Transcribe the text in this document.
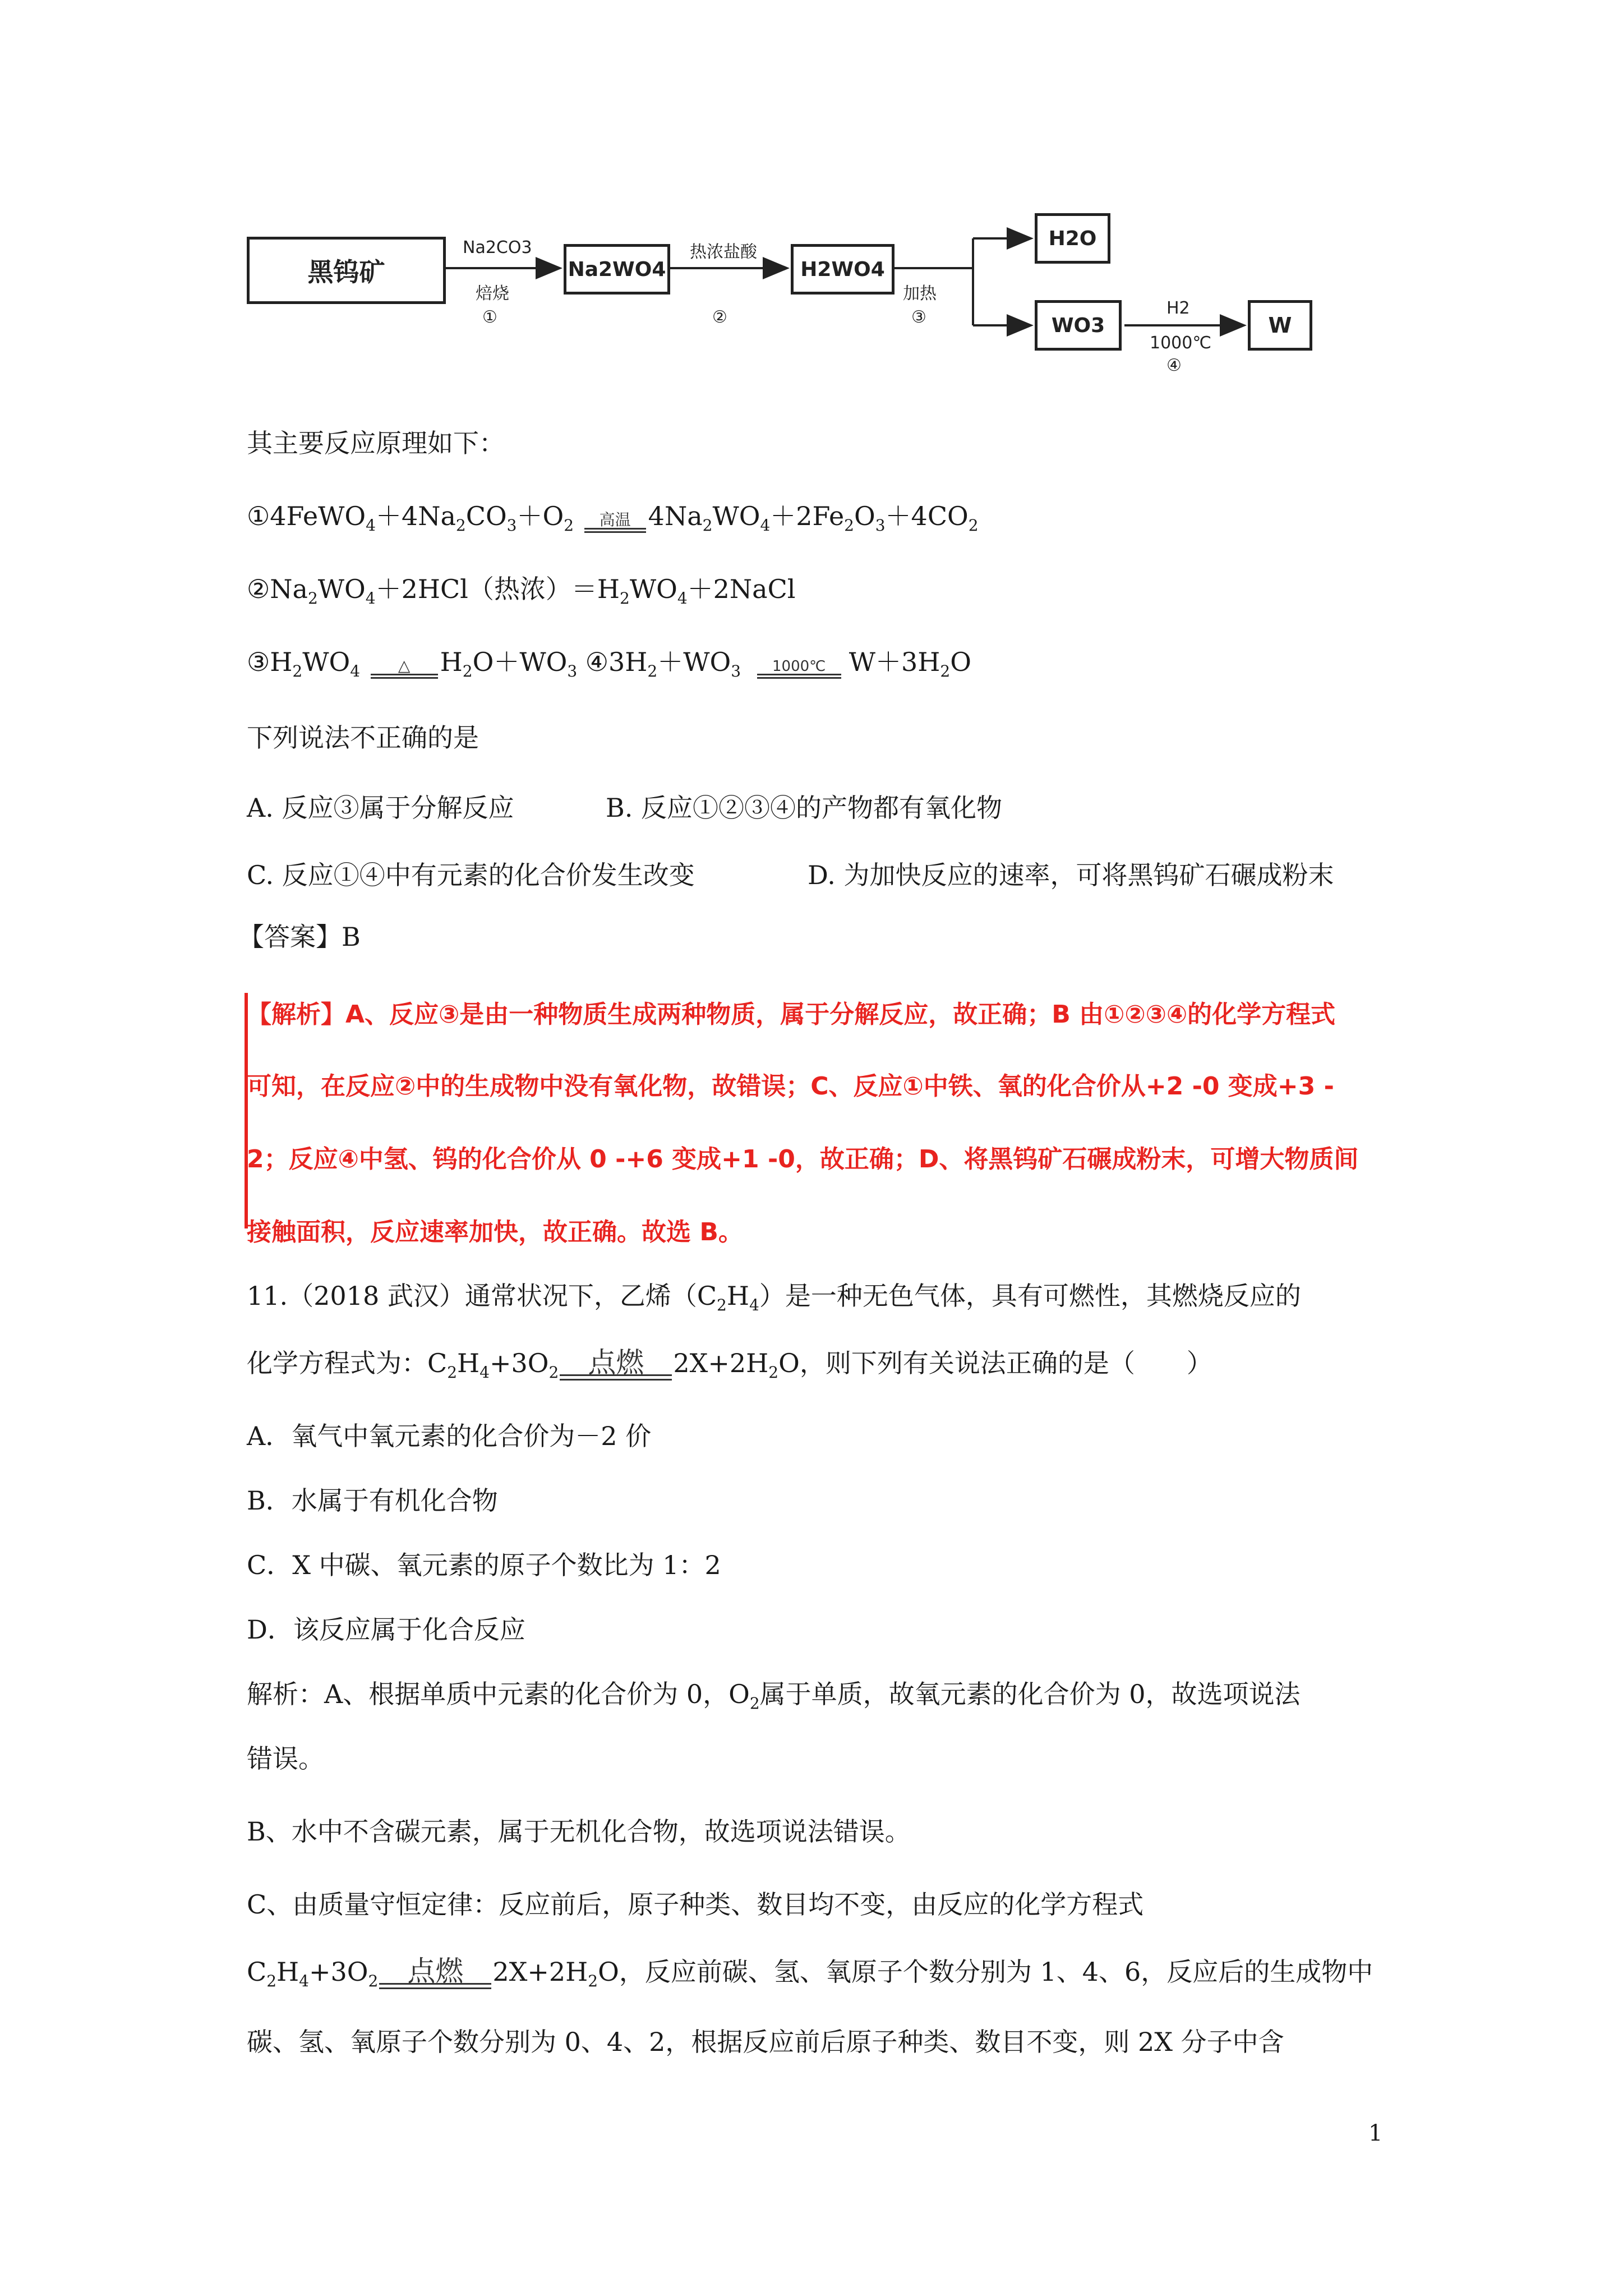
黑钨矿
Na2CO3
焙烧
①
Na2WO4
热浓盐酸
②
H2WO4
加热
③
H2O
WO3
H2
1000℃
④
W
其主要反应原理如下：
$①4FeWO_4+4Na_2CO_3+O_2$	高温 $4Na_2WO_4+2Fe_2O_3+4CO_2$
$②Na_2WO_4+2HCl$（热浓）$=H_2WO_4+2NaCl$
$③H_2WO_4$	△	$H_2O+WO_3$ $④3H_2+WO_3$	1000℃ $W+3H_2O$
下列说法不正确的是
A. 反应③属于分解反应	B. 反应①②③④的产物都有氧化物
C. 反应①④中有元素的化合价发生改变	D. 为加快反应的速率，可将黑钨矿石碾成粉末
【答案】B
【解析】A、反应③是由一种物质生成两种物质，属于分解反应，故正确；B 由①②③④的化学方程式
可知，在反应②中的生成物中没有氧化物，故错误；C、反应①中铁、氧的化合价从+2 -0 变成+3 -
2；反应④中氢、钨的化合价从 0 -+6 变成+1 -0，故正确；D、将黑钨矿石碾成粉末，可增大物质间
接触面积，反应速率加快，故正确。故选 B。
11.（2018 武汉）通常状况下，乙烯$(C_2H_4)$是一种无色气体，具有可燃性，其燃烧反应的
化学方程式为：$C_2H_4+3O_2$	点燃	$2X+2H_2O$，则下列有关说法正确的是（　　）
A．氧气中氧元素的化合价为－2 价
B．水属于有机化合物
C．X 中碳、氧元素的原子个数比为 1：2
D．该反应属于化合反应
解析：A、根据单质中元素的化合价为 0，$O_2$属于单质，故氧元素的化合价为 0，故选项说法
错误。
B、水中不含碳元素，属于无机化合物，故选项说法错误。
C、由质量守恒定律：反应前后，原子种类、数目均不变，由反应的化学方程式
$C_2H_4+3O_2$	点燃	$2X+2H_2O$，反应前碳、氢、氧原子个数分别为 1、4、6，反应后的生成物中
碳、氢、氧原子个数分别为 0、4、2，根据反应前后原子种类、数目不变，则 2X 分子中含
1
